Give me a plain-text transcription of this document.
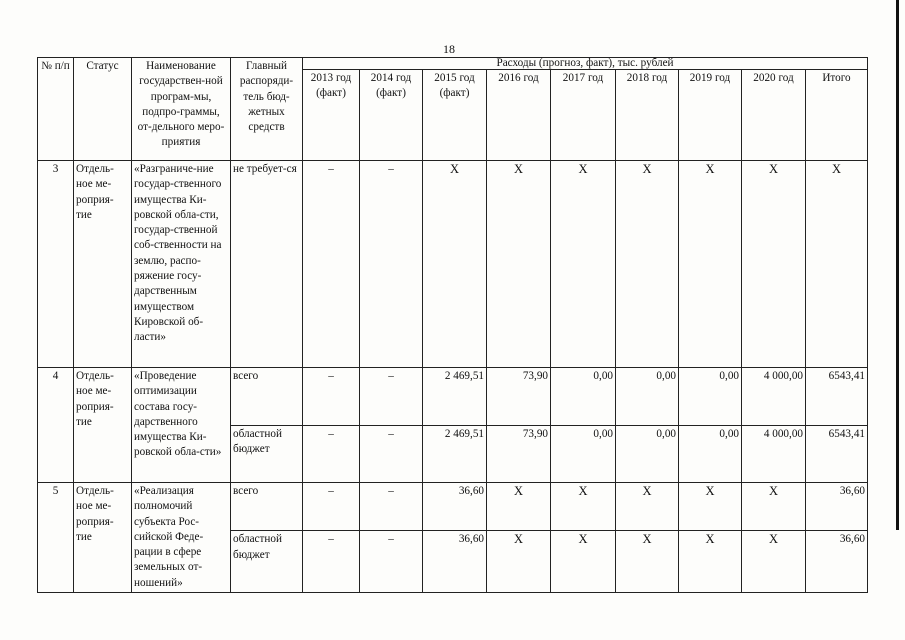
18
№ п/п	Статус	Наименование государствен-ной програм-мы, подпро-граммы, от-дельного меро-приятия	Главный распоряди-тель бюд-жетных средств	Расходы (прогноз, факт), тыс. рублей								
				2013 год (факт)	2014 год (факт)	2015 год (факт)	2016 год	2017 год	2018 год	2019 год	2020 год	Итого
3	Отдель-ное ме-роприя-тие	«Разграниче-ние государ-ственного имущества Ки-ровской обла-сти, государ-ственной соб-ственности на землю, распо-ряжение госу-дарственным имуществом Кировской об-ласти»	не требует-ся	–	–	X	X	X	X	X	X	X
4	Отдель-ное ме-роприя-тие	«Проведение оптимизации состава госу-дарственного имущества Ки-ровской обла-сти»	всего	–	–	2 469,51	73,90	0,00	0,00	0,00	4 000,00	6543,41
			областной бюджет	–	–	2 469,51	73,90	0,00	0,00	0,00	4 000,00	6543,41
5	Отдель-ное ме-роприя-тие	«Реализация полномочий субъекта Рос-сийской Феде-рации в сфере земельных от-ношений»	всего	–	–	36,60	X	X	X	X	X	36,60
			областной бюджет	–	–	36,60	X	X	X	X	X	36,60
